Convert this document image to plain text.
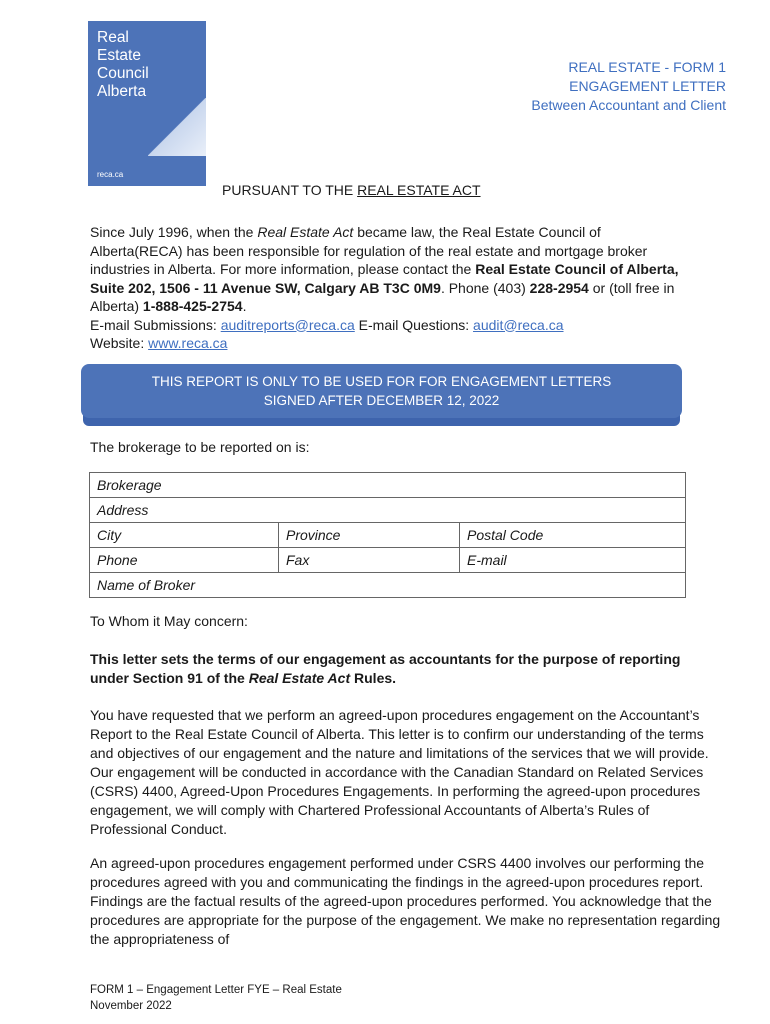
Real
Estate
Council
Alberta
reca.ca
REAL ESTATE - FORM 1
ENGAGEMENT LETTER
Between Accountant and Client
PURSUANT TO THE REAL ESTATE ACT
Since July 1996, when the Real Estate Act became law, the Real Estate Council of Alberta(RECA) has been responsible for regulation of the real estate and mortgage broker industries in Alberta. For more information, please contact the Real Estate Council of Alberta, Suite 202, 1506 - 11 Avenue SW, Calgary AB T3C 0M9. Phone (403) 228-2954 or (toll free in Alberta) 1-888-425-2754.
E-mail Submissions: auditreports@reca.ca E-mail Questions: audit@reca.ca
Website: www.reca.ca
THIS REPORT IS ONLY TO BE USED FOR FOR ENGAGEMENT LETTERS
SIGNED AFTER DECEMBER 12, 2022
The brokerage to be reported on is:
Brokerage		
Address		
City	Province	Postal Code
Phone	Fax	E-mail
Name of Broker		
To Whom it May concern:
This letter sets the terms of our engagement as accountants for the purpose of reporting under Section 91 of the Real Estate Act Rules.
You have requested that we perform an agreed-upon procedures engagement on the Accountant’s Report to the Real Estate Council of Alberta. This letter is to confirm our understanding of the terms and objectives of our engagement and the nature and limitations of the services that we will provide. Our engagement will be conducted in accordance with the Canadian Standard on Related Services (CSRS) 4400, Agreed-Upon Procedures Engagements. In performing the agreed-upon procedures engagement, we will comply with Chartered Professional Accountants of Alberta’s Rules of Professional Conduct.
An agreed-upon procedures engagement performed under CSRS 4400 involves our performing the procedures agreed with you and communicating the findings in the agreed-upon procedures report. Findings are the factual results of the agreed-upon procedures performed. You acknowledge that the procedures are appropriate for the purpose of the engagement. We make no representation regarding the appropriateness of
FORM 1 – Engagement Letter FYE – Real Estate
November 2022
